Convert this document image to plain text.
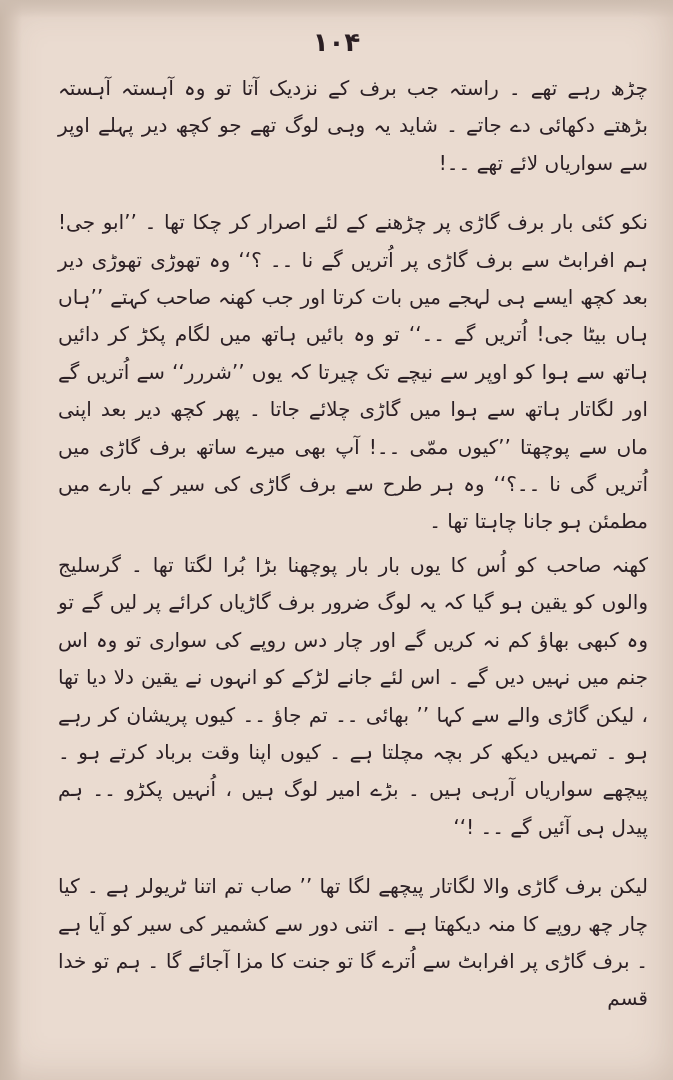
١٠۴

چڑھ رہے تھے ۔ راستہ جب برف کے نزدیک آتا تو وہ آہستہ آہستہ بڑھتے دکھائی دے جاتے ۔ شاید یہ وہی لوگ تھے جو کچھ دیر پہلے اوپر سے سواریاں لائے تھے ۔۔!

نکو کئی بار برف گاڑی پر چڑھنے کے لئے اصرار کر چکا تھا ۔ ’’ابو جی! ہم افرابٹ سے برف گاڑی پر اُتریں گے نا ۔۔ ؟‘‘ وہ تھوڑی تھوڑی دیر بعد کچھ ایسے ہی لہجے میں بات کرتا اور جب کھنہ صاحب کہتے ’’ہاں ہاں بیٹا جی! اُتریں گے ۔۔‘‘ تو وہ بائیں ہاتھ میں لگام پکڑ کر دائیں ہاتھ سے ہوا کو اوپر سے نیچے تک چیرتا کہ یوں ’’شررر‘‘ سے اُتریں گے اور لگاتار ہاتھ سے ہوا میں گاڑی چلائے جاتا ۔ پھر کچھ دیر بعد اپنی ماں سے پوچھتا ’’کیوں ممّی ۔۔! آپ بھی میرے ساتھ برف گاڑی میں اُتریں گی نا ۔۔؟‘‘ وہ ہر طرح سے برف گاڑی کی سیر کے بارے میں مطمئن ہو جانا چاہتا تھا ۔

کھنہ صاحب کو اُس کا یوں بار بار پوچھنا بڑا بُرا لگتا تھا ۔ گرسلیج والوں کو یقین ہو گیا کہ یہ لوگ ضرور برف گاڑیاں کرائے پر لیں گے تو وہ کبھی بھاؤ کم نہ کریں گے اور چار دس روپے کی سواری تو وہ اس جنم میں نہیں دیں گے ۔ اس لئے جانے لڑکے کو انہوں نے یقین دلا دیا تھا ، لیکن گاڑی والے سے کہا ’’ بھائی ۔۔ تم جاؤ ۔۔ کیوں پریشان کر رہے ہو ۔ تمہیں دیکھ کر بچہ مچلتا ہے ۔ کیوں اپنا وقت برباد کرتے ہو ۔ پیچھے سواریاں آرہی ہیں ۔ بڑے امیر لوگ ہیں ، اُنہیں پکڑو ۔۔ ہم پیدل ہی آئیں گے ۔۔ !‘‘

لیکن برف گاڑی والا لگاتار پیچھے لگا تھا ’’ صاب تم اتنا ٹریولر ہے ۔ کیا چار چھ روپے کا منہ دیکھتا ہے ۔ اتنی دور سے کشمیر کی سیر کو آیا ہے ۔ برف گاڑی پر افرابٹ سے اُترے گا تو جنت کا مزا آجائے گا ۔ ہم تو خدا قسم
